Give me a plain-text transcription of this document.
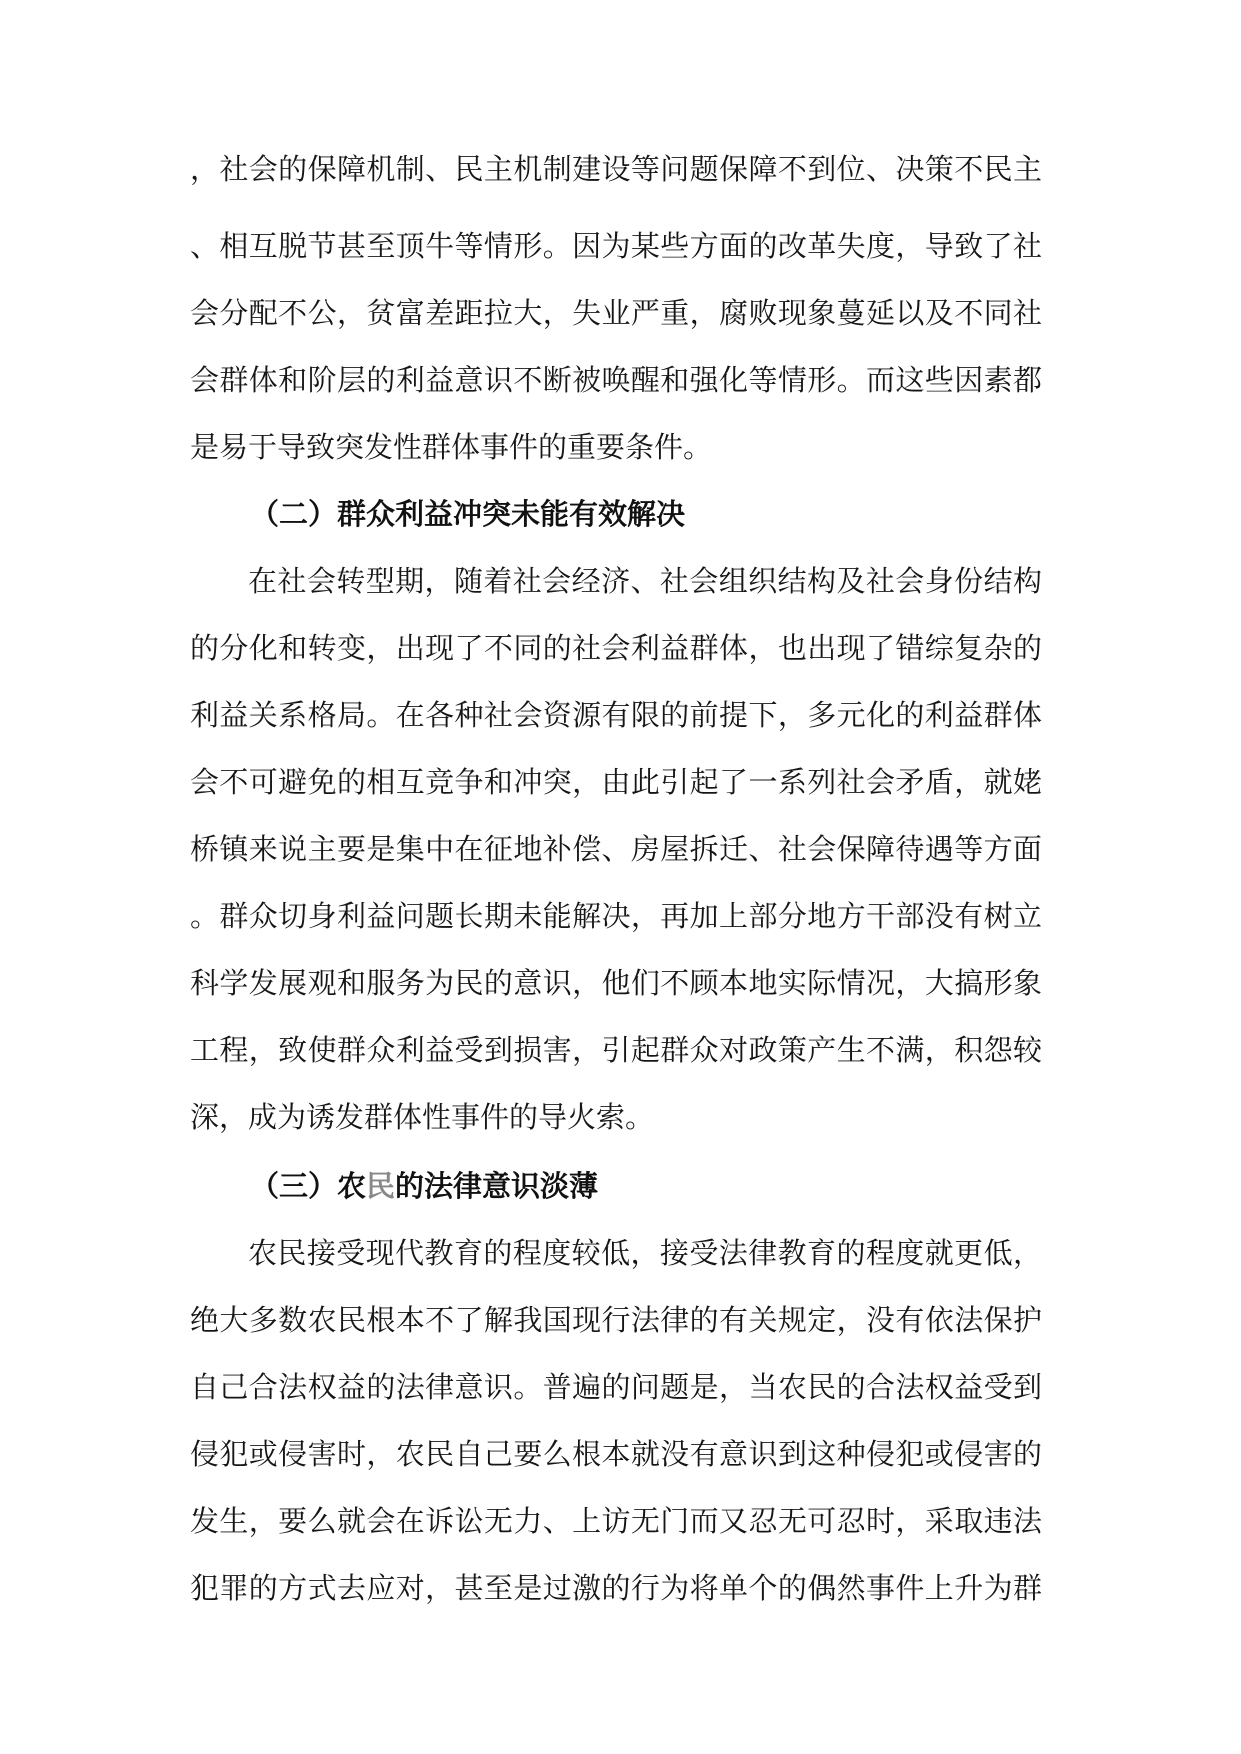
，社会的保障机制、民主机制建设等问题保障不到位、决策不民主
、相互脱节甚至顶牛等情形。因为某些方面的改革失度，导致了社
会分配不公，贫富差距拉大，失业严重，腐败现象蔓延以及不同社
会群体和阶层的利益意识不断被唤醒和强化等情形。而这些因素都
是易于导致突发性群体事件的重要条件。
（二）群众利益冲突未能有效解决
在社会转型期，随着社会经济、社会组织结构及社会身份结构
的分化和转变，出现了不同的社会利益群体，也出现了错综复杂的
利益关系格局。在各种社会资源有限的前提下，多元化的利益群体
会不可避免的相互竞争和冲突，由此引起了一系列社会矛盾，就姥
桥镇来说主要是集中在征地补偿、房屋拆迁、社会保障待遇等方面
。群众切身利益问题长期未能解决，再加上部分地方干部没有树立
科学发展观和服务为民的意识，他们不顾本地实际情况，大搞形象
工程，致使群众利益受到损害，引起群众对政策产生不满，积怨较
深，成为诱发群体性事件的导火索。
（三）农民的法律意识淡薄
农民接受现代教育的程度较低，接受法律教育的程度就更低，
绝大多数农民根本不了解我国现行法律的有关规定，没有依法保护
自己合法权益的法律意识。普遍的问题是，当农民的合法权益受到
侵犯或侵害时，农民自己要么根本就没有意识到这种侵犯或侵害的
发生，要么就会在诉讼无力、上访无门而又忍无可忍时，采取违法
犯罪的方式去应对，甚至是过激的行为将单个的偶然事件上升为群
